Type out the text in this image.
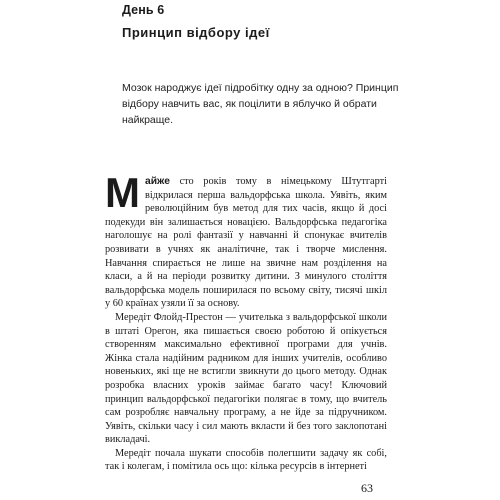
День 6
Принцип відбору ідеї

Мозок народжує ідеї підробітку одну за одною? Принцип відбору навчить вас, як поцілити в яблучко й обрати найкраще.

Майже сто років тому в німецькому Штутгарті відкрилася перша вальдорфська школа. Уявіть, яким революційним був метод для тих часів, якщо й досі подекуди він залишається новацією. Вальдорфська педагогіка наголошує на ролі фантазії у навчанні й спонукає вчителів розвивати в учнях як аналітичне, так і творче мислення. Навчання спирається не лише на звичне нам розділення на класи, а й на періоди розвитку дитини. З минулого століття вальдорфська модель поширилася по всьому світу, тисячі шкіл у 60 країнах узяли її за основу.

Мередіт Флойд-Престон — учителька з вальдорфської школи в штаті Орегон, яка пишається своєю роботою й опікується створенням максимально ефективної програми для учнів. Жінка стала надійним радником для інших учителів, особливо новеньких, які ще не встигли звикнути до цього методу. Однак розробка власних уроків займає багато часу! Ключовий принцип вальдорфської педагогіки полягає в тому, що вчитель сам розробляє навчальну програму, а не йде за підручником. Уявіть, скільки часу і сил мають вкласти й без того заклопотані викладачі.

Мередіт почала шукати способів полегшити задачу як собі, так і колегам, і помітила ось що: кілька ресурсів в інтернеті

63
